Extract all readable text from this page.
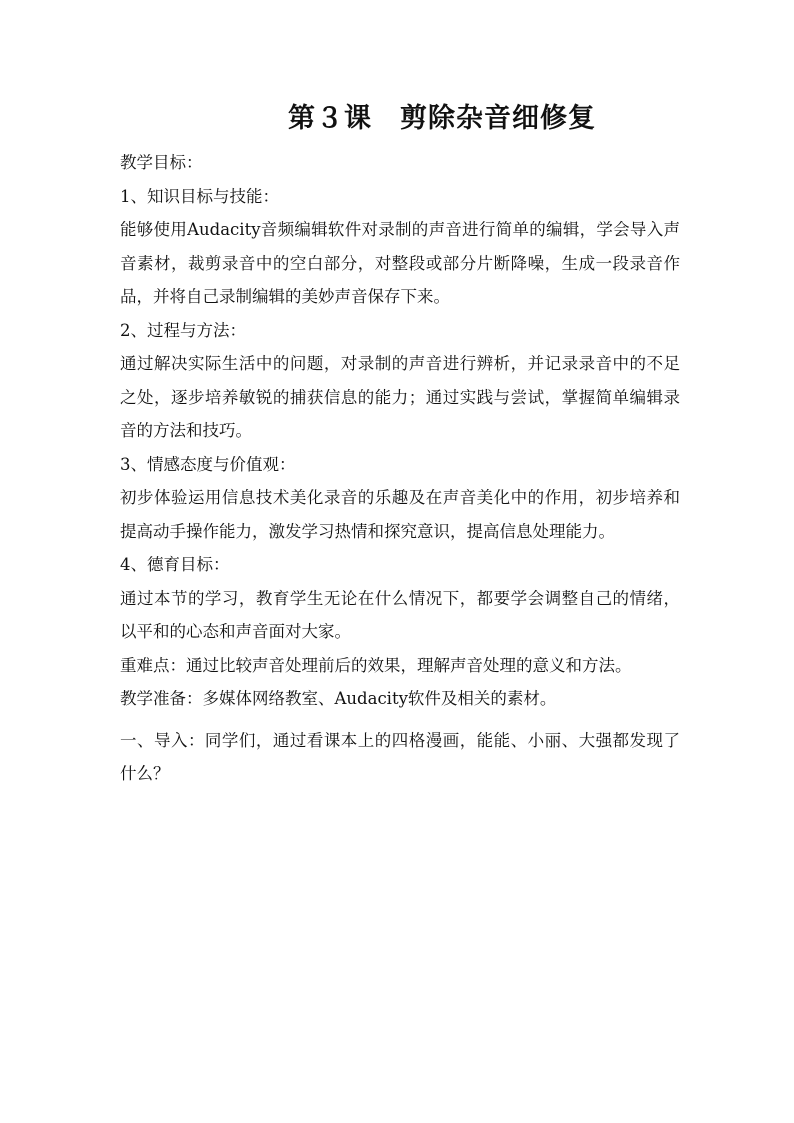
第３课　剪除杂音细修复

教学目标：

1、知识目标与技能：

能够使用Audacity音频编辑软件对录制的声音进行简单的编辑，学会导入声音素材，裁剪录音中的空白部分，对整段或部分片断降噪，生成一段录音作品，并将自己录制编辑的美妙声音保存下来。

2、过程与方法：

通过解决实际生活中的问题，对录制的声音进行辨析，并记录录音中的不足之处，逐步培养敏锐的捕获信息的能力；通过实践与尝试，掌握简单编辑录音的方法和技巧。

3、情感态度与价值观：

初步体验运用信息技术美化录音的乐趣及在声音美化中的作用，初步培养和提高动手操作能力，激发学习热情和探究意识，提高信息处理能力。

4、德育目标：

通过本节的学习，教育学生无论在什么情况下，都要学会调整自己的情绪，以平和的心态和声音面对大家。

重难点：通过比较声音处理前后的效果，理解声音处理的意义和方法。

教学准备：多媒体网络教室、Audacity软件及相关的素材。

一、导入：同学们，通过看课本上的四格漫画，能能、小丽、大强都发现了什么？
